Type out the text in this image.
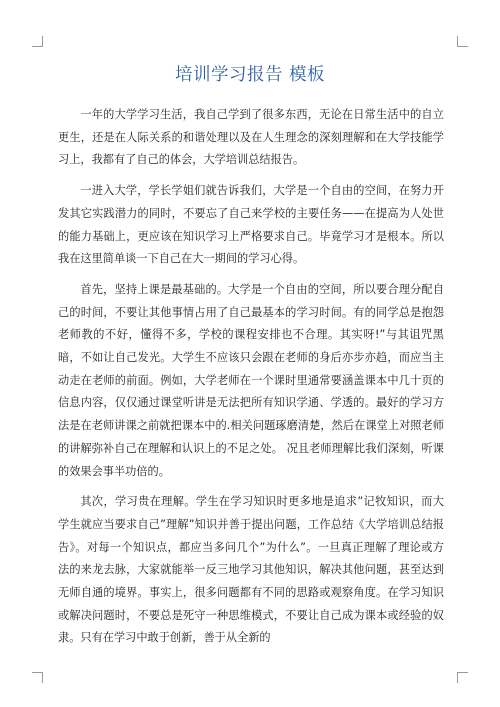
培训学习报告 模板

一年的大学学习生活，我自己学到了很多东西，无论在日常生活中的自立更生，还是在人际关系的和谐处理以及在人生理念的深刻理解和在大学技能学习上，我都有了自己的体会，大学培训总结报告。

一进入大学，学长学姐们就告诉我们，大学是一个自由的空间，在努力开发其它实践潜力的同时，不要忘了自己来学校的主要任务——在提高为人处世的能力基础上，更应该在知识学习上严格要求自己。毕竟学习才是根本。所以我在这里简单谈一下自己在大一期间的学习心得。

首先，坚持上课是最基础的。大学是一个自由的空间，所以要合理分配自己的时间，不要让其他事情占用了自己最基本的学习时间。有的同学总是抱怨老师教的不好，懂得不多，学校的课程安排也不合理。其实呀!”与其诅咒黑暗，不如让自己发光。大学生不应该只会跟在老师的身后亦步亦趋，而应当主动走在老师的前面。例如，大学老师在一个课时里通常要涵盖课本中几十页的信息内容，仅仅通过课堂听讲是无法把所有知识学通、学透的。最好的学习方法是在老师讲课之前就把课本中的.相关问题琢磨清楚，然后在课堂上对照老师的讲解弥补自己在理解和认识上的不足之处。 况且老师理解比我们深刻，听课的效果会事半功倍的。

其次，学习贵在理解。学生在学习知识时更多地是追求”记牧知识，而大学生就应当要求自己”理解”知识并善于提出问题，工作总结《大学培训总结报告》。对每一个知识点，都应当多问几个”为什么”。一旦真正理解了理论或方法的来龙去脉，大家就能举一反三地学习其他知识，解决其他问题，甚至达到无师自通的境界。事实上，很多问题都有不同的思路或观察角度。在学习知识或解决问题时，不要总是死守一种思维模式，不要让自己成为课本或经验的奴隶。只有在学习中敢于创新，善于从全新的
